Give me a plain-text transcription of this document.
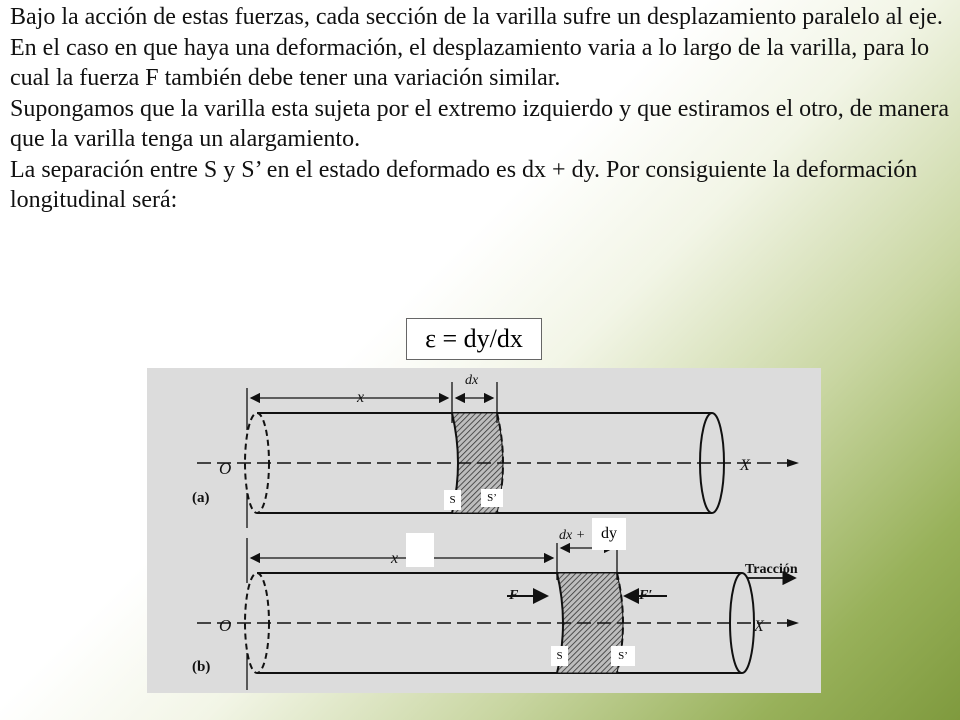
Bajo la acción de estas fuerzas, cada sección de la varilla sufre un desplazamiento paralelo al eje. En el caso en que haya una deformación, el desplazamiento varia a lo largo de la varilla, para lo cual la fuerza F también debe tener una variación similar.

Supongamos que la varilla esta sujeta por el extremo izquierdo y que estiramos el otro, de manera que la varilla tenga un alargamiento.

La separación entre S y S’ en el estado deformado es dx + dy. Por consiguiente la deformación longitudinal será:

ε = dy/dx
x
dx
O	X
(a)
x
dx +
Tracción
F	F′
O	X
(b)
S	S’
dy
S	S’
